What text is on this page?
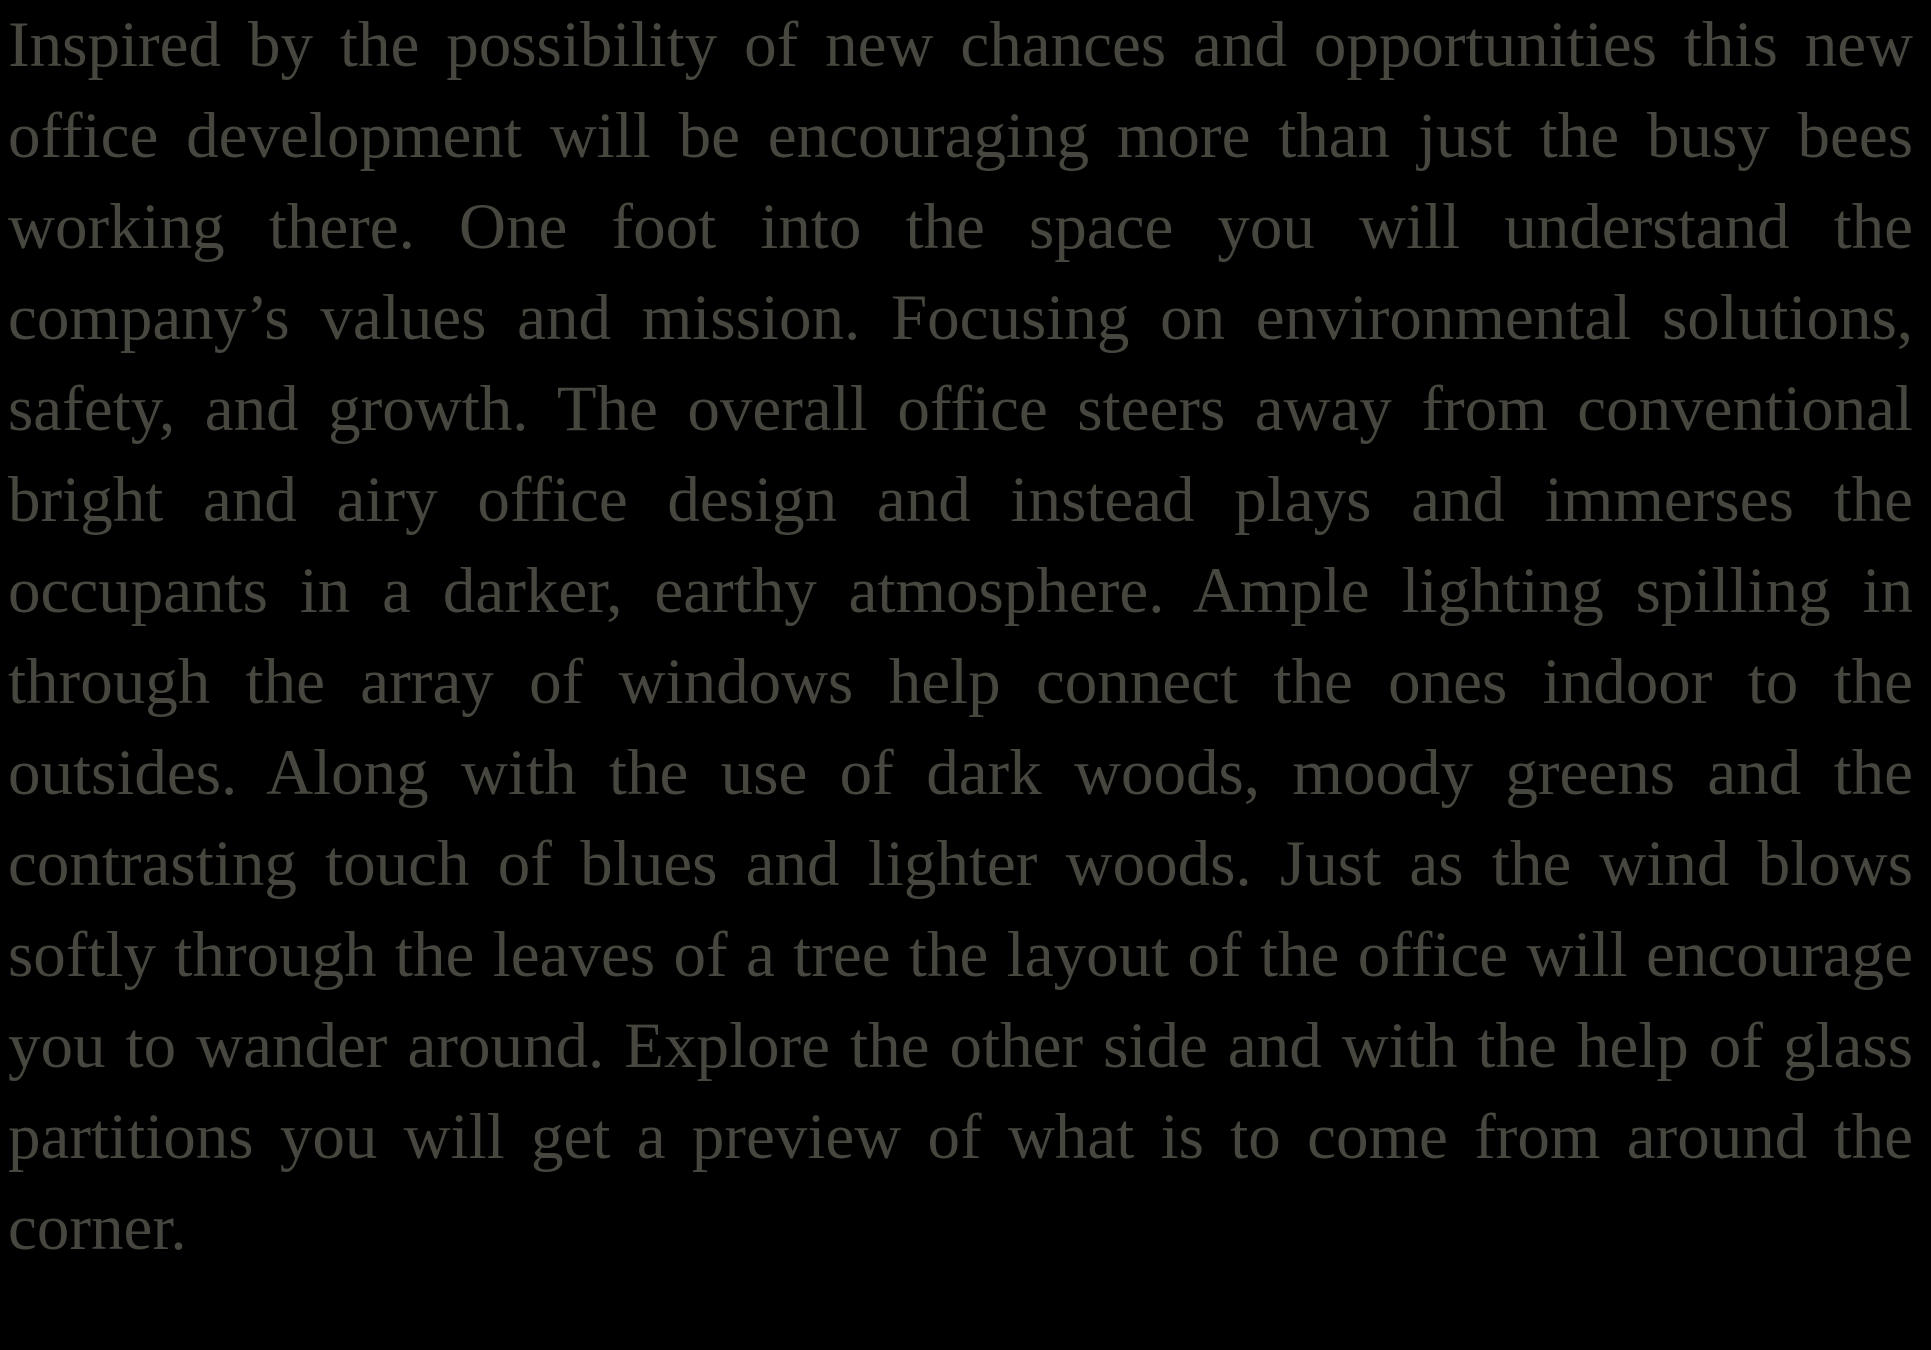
Inspired by the possibility of new chances and opportunities this new office development will be encouraging more than just the busy bees working there. One foot into the space you will understand the company’s values and mission. Focusing on environmental solutions, safety, and growth. The overall office steers away from conventional bright and airy office design and instead plays and immerses the occupants in a darker, earthy atmosphere. Ample lighting spilling in through the array of windows help connect the ones indoor to the outsides. Along with the use of dark woods, moody greens and the contrasting touch of blues and lighter woods. Just as the wind blows softly through the leaves of a tree the layout of the office will encourage you to wander around. Explore the other side and with the help of glass partitions you will get a preview of what is to come from around the corner.
